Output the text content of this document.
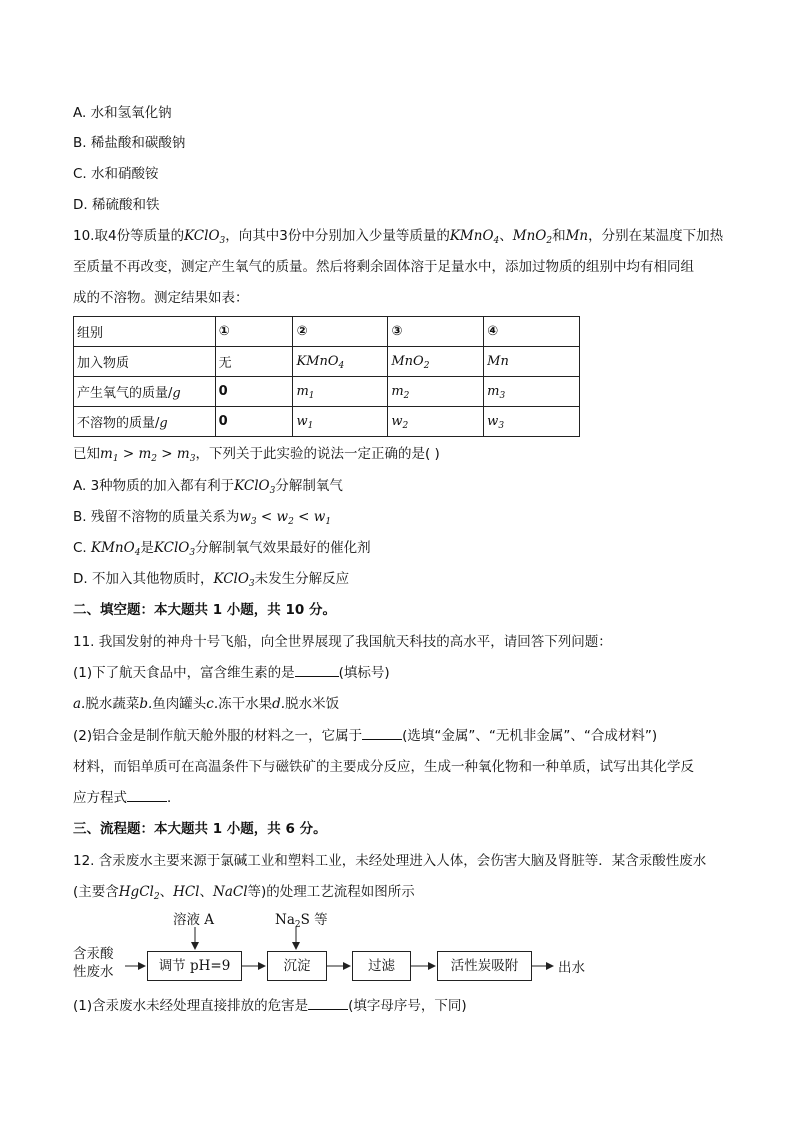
A. 水和氢氧化钠
B. 稀盐酸和碳酸钠
C. 水和硝酸铵
D. 稀硫酸和铁
10.取4份等质量的KClO$_3$，向其中3份中分别加入少量等质量的KMnO$_4$、MnO$_2$和Mn，分别在某温度下加热
至质量不再改变，测定产生氧气的质量。然后将剩余固体溶于足量水中，添加过物质的组别中均有相同组
成的不溶物。测定结果如表：
组别	①	②	③	④
加入物质	无	KMnO$_4$	MnO$_2$	Mn
产生氧气的质量/g	0	$m_1$	$m_2$	$m_3$
不溶物的质量/g	0	$w_1$	$w_2$	$w_3$
已知$m_1 > m_2 > m_3$，下列关于此实验的说法一定正确的是( )
A. 3种物质的加入都有利于KClO$_3$分解制氧气
B. 残留不溶物的质量关系为$w_3 < w_2 < w_1$
C. KMnO$_4$是KClO$_3$分解制氧气效果最好的催化剂
D. 不加入其他物质时，KClO$_3$未发生分解反应
二、填空题：本大题共 1 小题，共 10 分。
11. 我国发射的神舟十号飞船，向全世界展现了我国航天科技的高水平，请回答下列问题：
(1)下了航天食品中，富含维生素的是	(填标号)
a.脱水蔬菜b.鱼肉罐头c.冻干水果d.脱水米饭
(2)铝合金是制作航天舱外服的材料之一，它属于	(选填“金属”、“无机非金属”、“合成材料”)
材料，而铝单质可在高温条件下与磁铁矿的主要成分反应，生成一种氧化物和一种单质，试写出其化学反
应方程式	．
三、流程题：本大题共 1 小题，共 6 分。
12. 含汞废水主要来源于氯碱工业和塑料工业，未经处理进入人体，会伤害大脑及肾脏等．某含汞酸性废水
(主要含HgCl$_2$、HCl、NaCl等)的处理工艺流程如图所示
含汞酸
性废水
溶液 A	$Na_2S$ 等
调节 pH=9	沉淀	过滤	活性炭吸附	出水
(1)含汞废水未经处理直接排放的危害是	(填字母序号，下同)
